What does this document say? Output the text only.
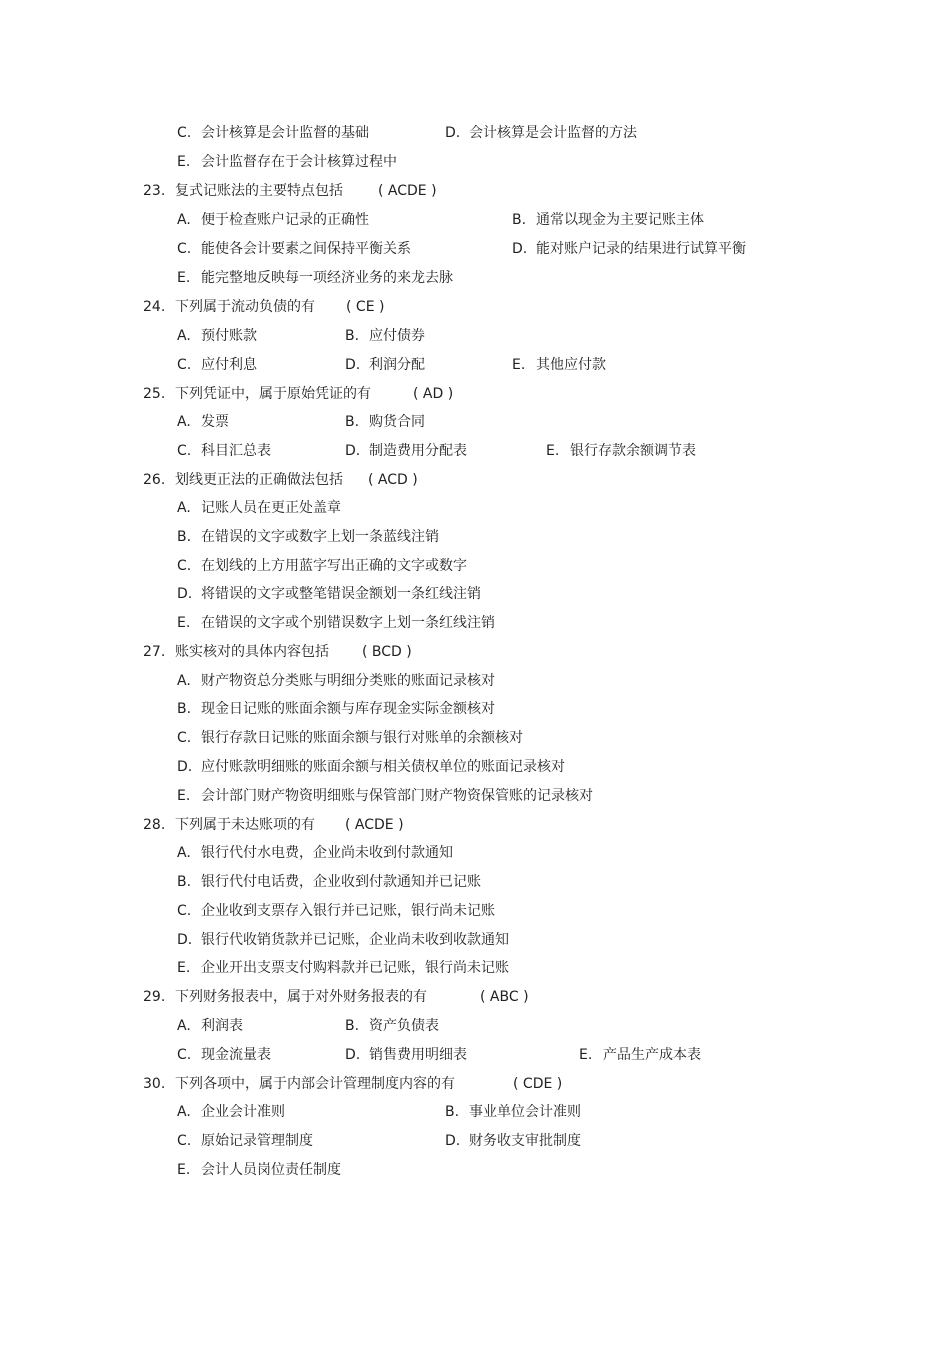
C. 会计核算是会计监督的基础	D. 会计核算是会计监督的方法
E. 会计监督存在于会计核算过程中
23. 复式记账法的主要特点包括	( ACDE )
A. 便于检查账户记录的正确性	B. 通常以现金为主要记账主体
C. 能使各会计要素之间保持平衡关系	D. 能对账户记录的结果进行试算平衡
E. 能完整地反映每一项经济业务的来龙去脉
24. 下列属于流动负债的有 ( CE )
A. 预付账款	B. 应付债券
C. 应付利息	D. 利润分配	E. 其他应付款
25. 下列凭证中，属于原始凭证的有	( AD )
A. 发票	B. 购货合同
C. 科目汇总表	D. 制造费用分配表	E. 银行存款余额调节表
26. 划线更正法的正确做法包括 ( ACD )
A. 记账人员在更正处盖章
B. 在错误的文字或数字上划一条蓝线注销
C. 在划线的上方用蓝字写出正确的文字或数字
D. 将错误的文字或整笔错误金额划一条红线注销
E. 在错误的文字或个别错误数字上划一条红线注销
27. 账实核对的具体内容包括 ( BCD )
A. 财产物资总分类账与明细分类账的账面记录核对
B. 现金日记账的账面余额与库存现金实际金额核对
C. 银行存款日记账的账面余额与银行对账单的余额核对
D. 应付账款明细账的账面余额与相关债权单位的账面记录核对
E. 会计部门财产物资明细账与保管部门财产物资保管账的记录核对
28. 下列属于未达账项的有 ( ACDE )
A. 银行代付水电费，企业尚未收到付款通知
B. 银行代付电话费，企业收到付款通知并已记账
C. 企业收到支票存入银行并已记账，银行尚未记账
D. 银行代收销货款并已记账，企业尚未收到收款通知
E. 企业开出支票支付购料款并已记账，银行尚未记账
29. 下列财务报表中，属于对外财务报表的有	( ABC )
A. 利润表	B. 资产负债表
C. 现金流量表	D. 销售费用明细表	E. 产品生产成本表
30. 下列各项中，属于内部会计管理制度内容的有	( CDE )
A. 企业会计准则	B. 事业单位会计准则
C. 原始记录管理制度	D. 财务收支审批制度
E. 会计人员岗位责任制度
